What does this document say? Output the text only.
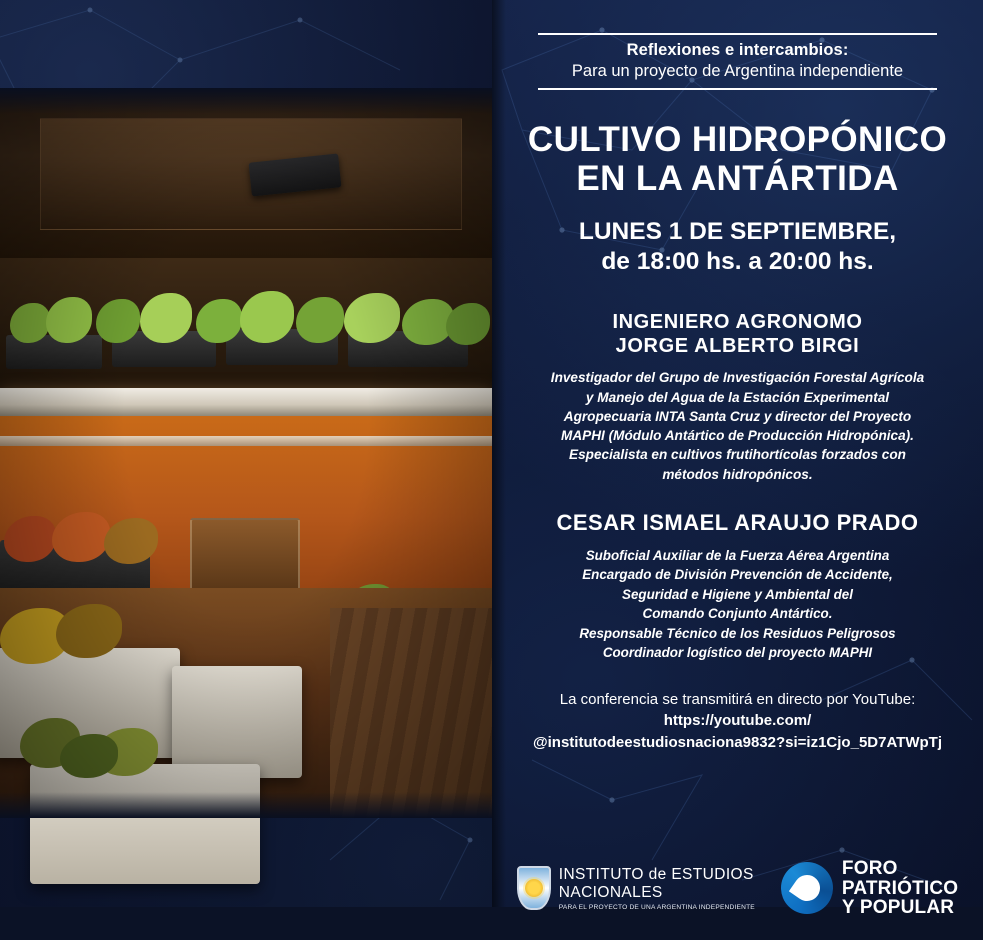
Reflexiones e intercambios:
Para un proyecto de Argentina independiente
CULTIVO HIDROPÓNICO
EN LA ANTÁRTIDA
LUNES 1 DE SEPTIEMBRE,
de 18:00 hs. a 20:00 hs.
INGENIERO AGRONOMO
JORGE ALBERTO BIRGI
Investigador del Grupo de Investigación Forestal Agrícola y Manejo del Agua de la Estación Experimental Agropecuaria INTA Santa Cruz y director del Proyecto MAPHI (Módulo Antártico de Producción Hidropónica). Especialista en cultivos frutihortícolas forzados con métodos hidropónicos.
CESAR ISMAEL ARAUJO PRADO
Suboficial Auxiliar de la Fuerza Aérea Argentina
Encargado de División Prevención de Accidente,
Seguridad e Higiene y Ambiental del
Comando Conjunto Antártico.
Responsable Técnico de los Residuos Peligrosos
Coordinador logístico del proyecto MAPHI
La conferencia se transmitirá en directo por YouTube:
https://youtube.com/
@institutodeestudiosnaciona9832?si=iz1Cjo_5D7ATWpTj
INSTITUTO de ESTUDIOS
NACIONALES
PARA EL PROYECTO DE UNA ARGENTINA INDEPENDIENTE
FORO
PATRIÓTICO
Y POPULAR
